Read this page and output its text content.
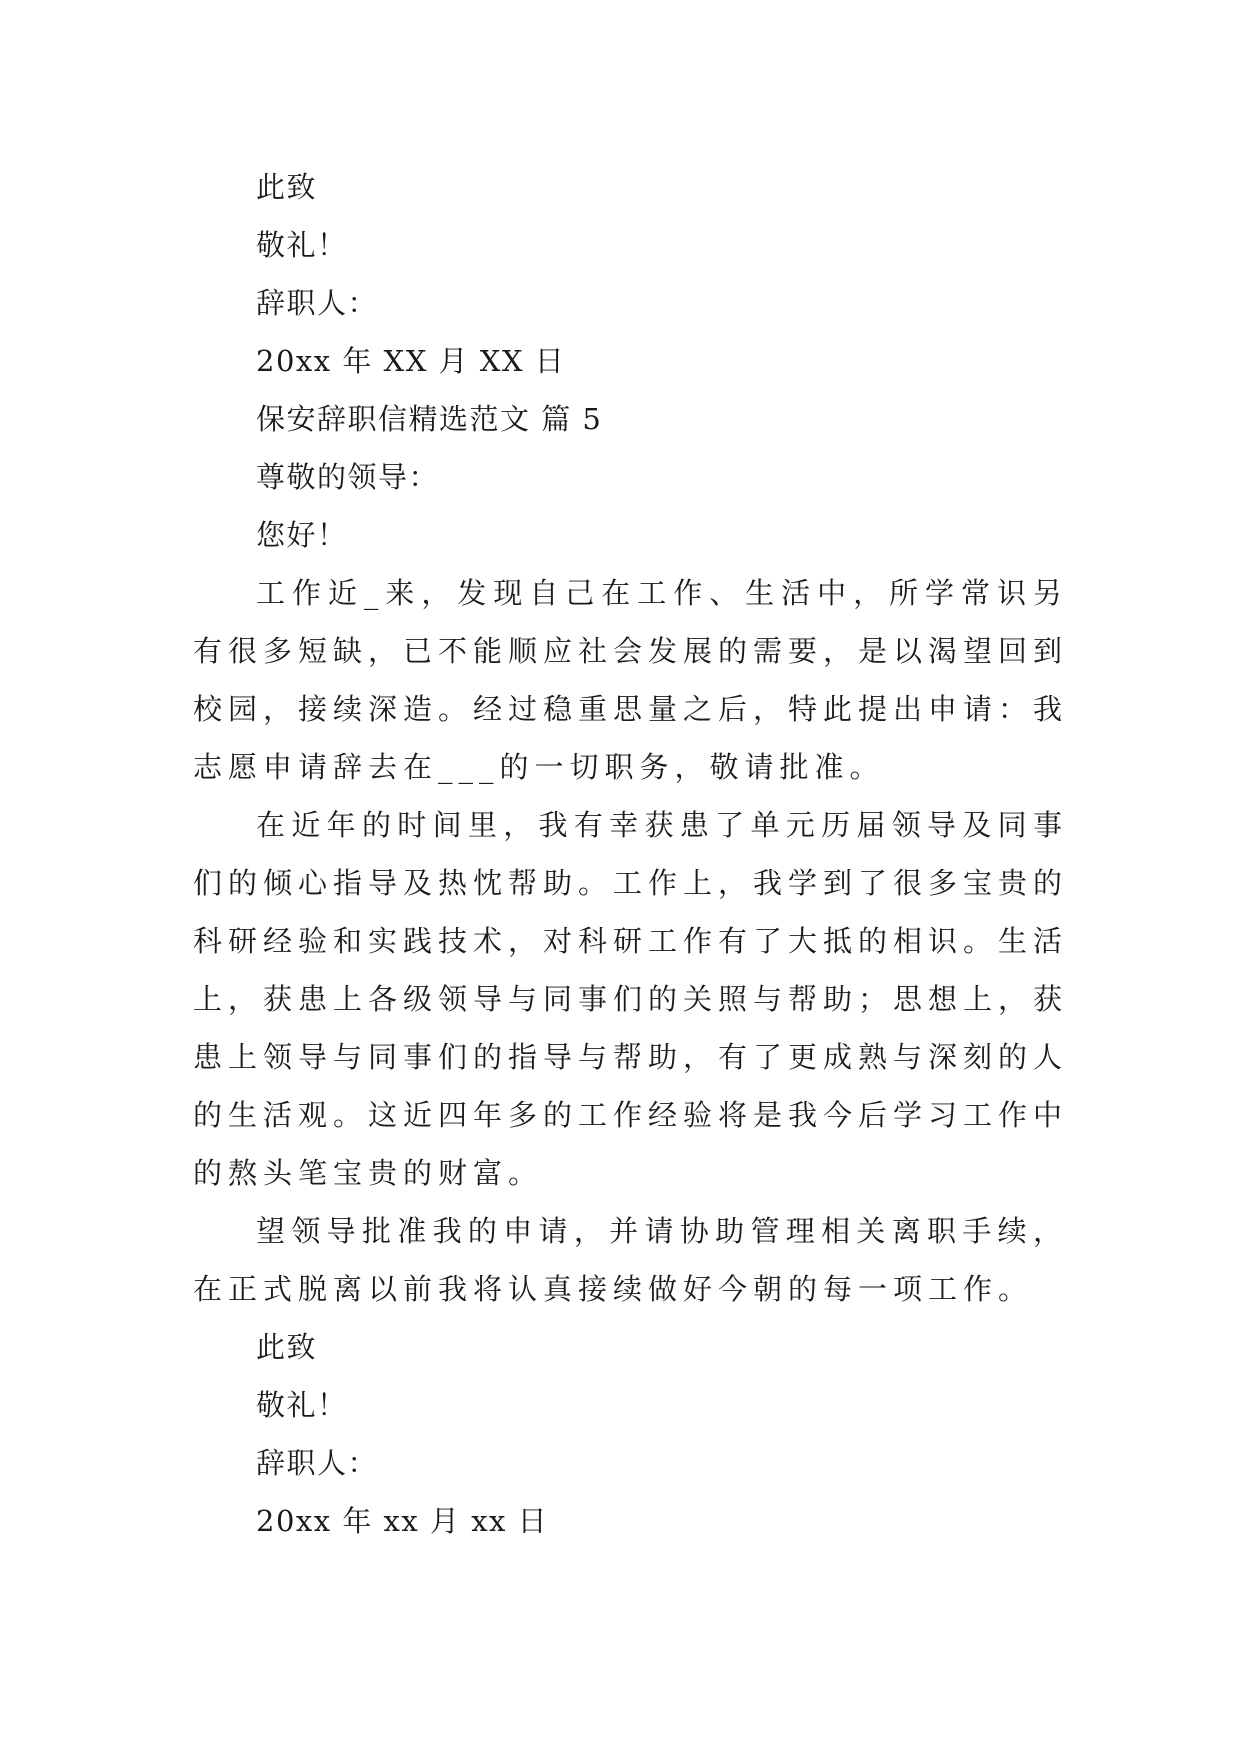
此致
敬礼！
辞职人：
20xx 年 XX 月 XX 日
保安辞职信精选范文 篇 5
尊敬的领导：
您好！

工作近_来，发现自己在工作、生活中，所学常识另有很多短缺，已不能顺应社会发展的需要，是以渴望回到校园，接续深造。经过稳重思量之后，特此提出申请：我志愿申请辞去在___的一切职务，敬请批准。

在近年的时间里，我有幸获患了单元历届领导及同事们的倾心指导及热忱帮助。工作上，我学到了很多宝贵的科研经验和实践技术，对科研工作有了大抵的相识。生活上，获患上各级领导与同事们的关照与帮助；思想上，获患上领导与同事们的指导与帮助，有了更成熟与深刻的人的生活观。这近四年多的工作经验将是我今后学习工作中的熬头笔宝贵的财富。

望领导批准我的申请，并请协助管理相关离职手续，在正式脱离以前我将认真接续做好今朝的每一项工作。

此致
敬礼！
辞职人：
20xx 年 xx 月 xx 日
